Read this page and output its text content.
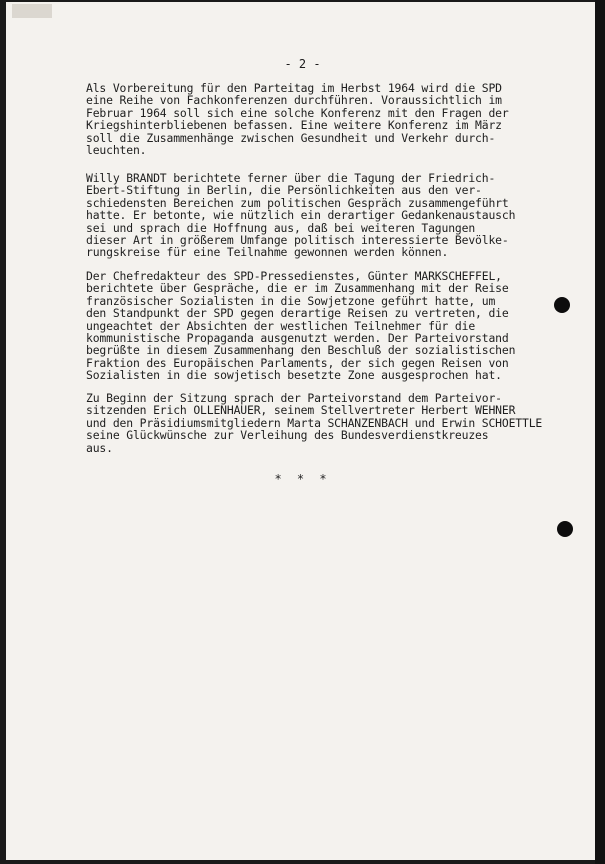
- 2 -
Als Vorbereitung für den Parteitag im Herbst 1964 wird die SPD
eine Reihe von Fachkonferenzen durchführen. Voraussichtlich im
Februar 1964 soll sich eine solche Konferenz mit den Fragen der
Kriegshinterbliebenen befassen. Eine weitere Konferenz im März
soll die Zusammenhänge zwischen Gesundheit und Verkehr durch-
leuchten.
Willy BRANDT berichtete ferner über die Tagung der Friedrich-
Ebert-Stiftung in Berlin, die Persönlichkeiten aus den ver-
schiedensten Bereichen zum politischen Gespräch zusammengeführt
hatte. Er betonte, wie nützlich ein derartiger Gedankenaustausch
sei und sprach die Hoffnung aus, daß bei weiteren Tagungen
dieser Art in größerem Umfange politisch interessierte Bevölke-
rungskreise für eine Teilnahme gewonnen werden können.
Der Chefredakteur des SPD-Pressedienstes, Günter MARKSCHEFFEL,
berichtete über Gespräche, die er im Zusammenhang mit der Reise
französischer Sozialisten in die Sowjetzone geführt hatte, um
den Standpunkt der SPD gegen derartige Reisen zu vertreten, die
ungeachtet der Absichten der westlichen Teilnehmer für die
kommunistische Propaganda ausgenutzt werden. Der Parteivorstand
begrüßte in diesem Zusammenhang den Beschluß der sozialistischen
Fraktion des Europäischen Parlaments, der sich gegen Reisen von
Sozialisten in die sowjetisch besetzte Zone ausgesprochen hat.
Zu Beginn der Sitzung sprach der Parteivorstand dem Parteivor-
sitzenden Erich OLLENHAUER, seinem Stellvertreter Herbert WEHNER
und den Präsidiumsmitgliedern Marta SCHANZENBACH und Erwin SCHOETTLE
seine Glückwünsche zur Verleihung des Bundesverdienstkreuzes
aus.
* * *
